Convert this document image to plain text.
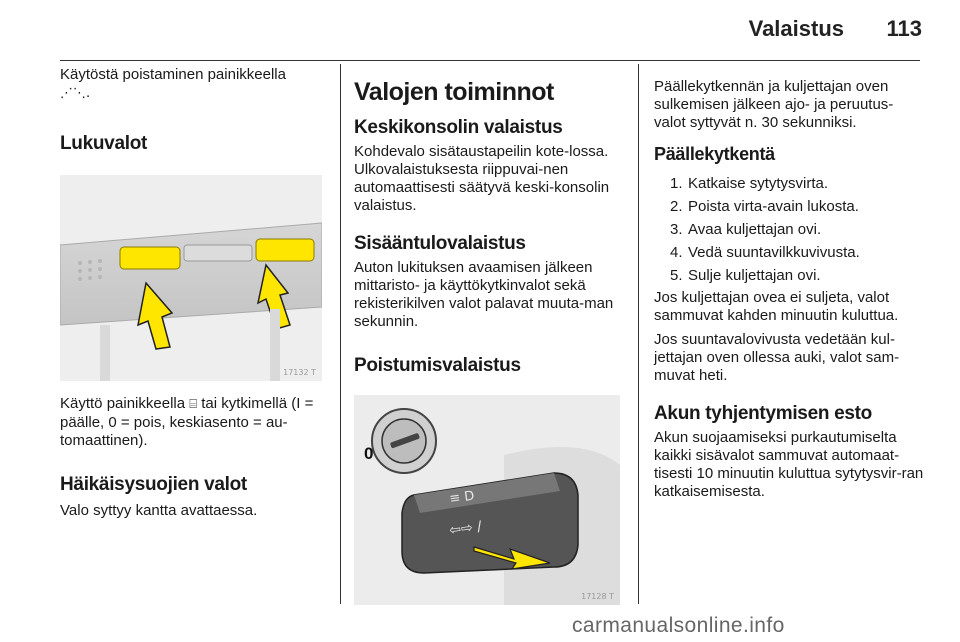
Valaistus 113

Käytöstä poistaminen painikkeella
⋰⋱.

Lukuvalot
17132 T

Käyttö painikkeella ⌸ tai kytkimellä (I = päälle, 0 = pois, keskiasento = au-tomaattinen).

Häikäisysuojien valot

Valo syttyy kantta avattaessa.

Valojen toiminnot
Keskikonsolin valaistus

Kohdevalo sisätaustapeilin kote-lossa. Ulkovalaistuksesta riippuvai-nen automaattisesti säätyvä keski-konsolin valaistus.

Sisääntulovalaistus

Auton lukituksen avaamisen jälkeen mittaristo- ja käyttökytkinvalot sekä rekisterikilven valot palavat muuta-man sekunnin.

Poistumisvalaistus
0
⇦⇨ ∕
≡ D
17128 T

Päällekytkennän ja kuljettajan oven sulkemisen jälkeen ajo- ja peruutus-valot syttyvät n. 30 sekunniksi.

Päällekytkentä
1. Katkaise sytytysvirta.
2. Poista virta-avain lukosta.
3. Avaa kuljettajan ovi.
4. Vedä suuntavilkkuvivusta.
5. Sulje kuljettajan ovi.

Jos kuljettajan ovea ei suljeta, valot sammuvat kahden minuutin kuluttua.

Jos suuntavalovivusta vedetään kul-jettajan oven ollessa auki, valot sam-muvat heti.

Akun tyhjentymisen esto

Akun suojaamiseksi purkautumiselta kaikki sisävalot sammuvat automaat-tisesti 10 minuutin kuluttua sytytysvir-ran katkaisemisesta.

carmanualsonline.info
